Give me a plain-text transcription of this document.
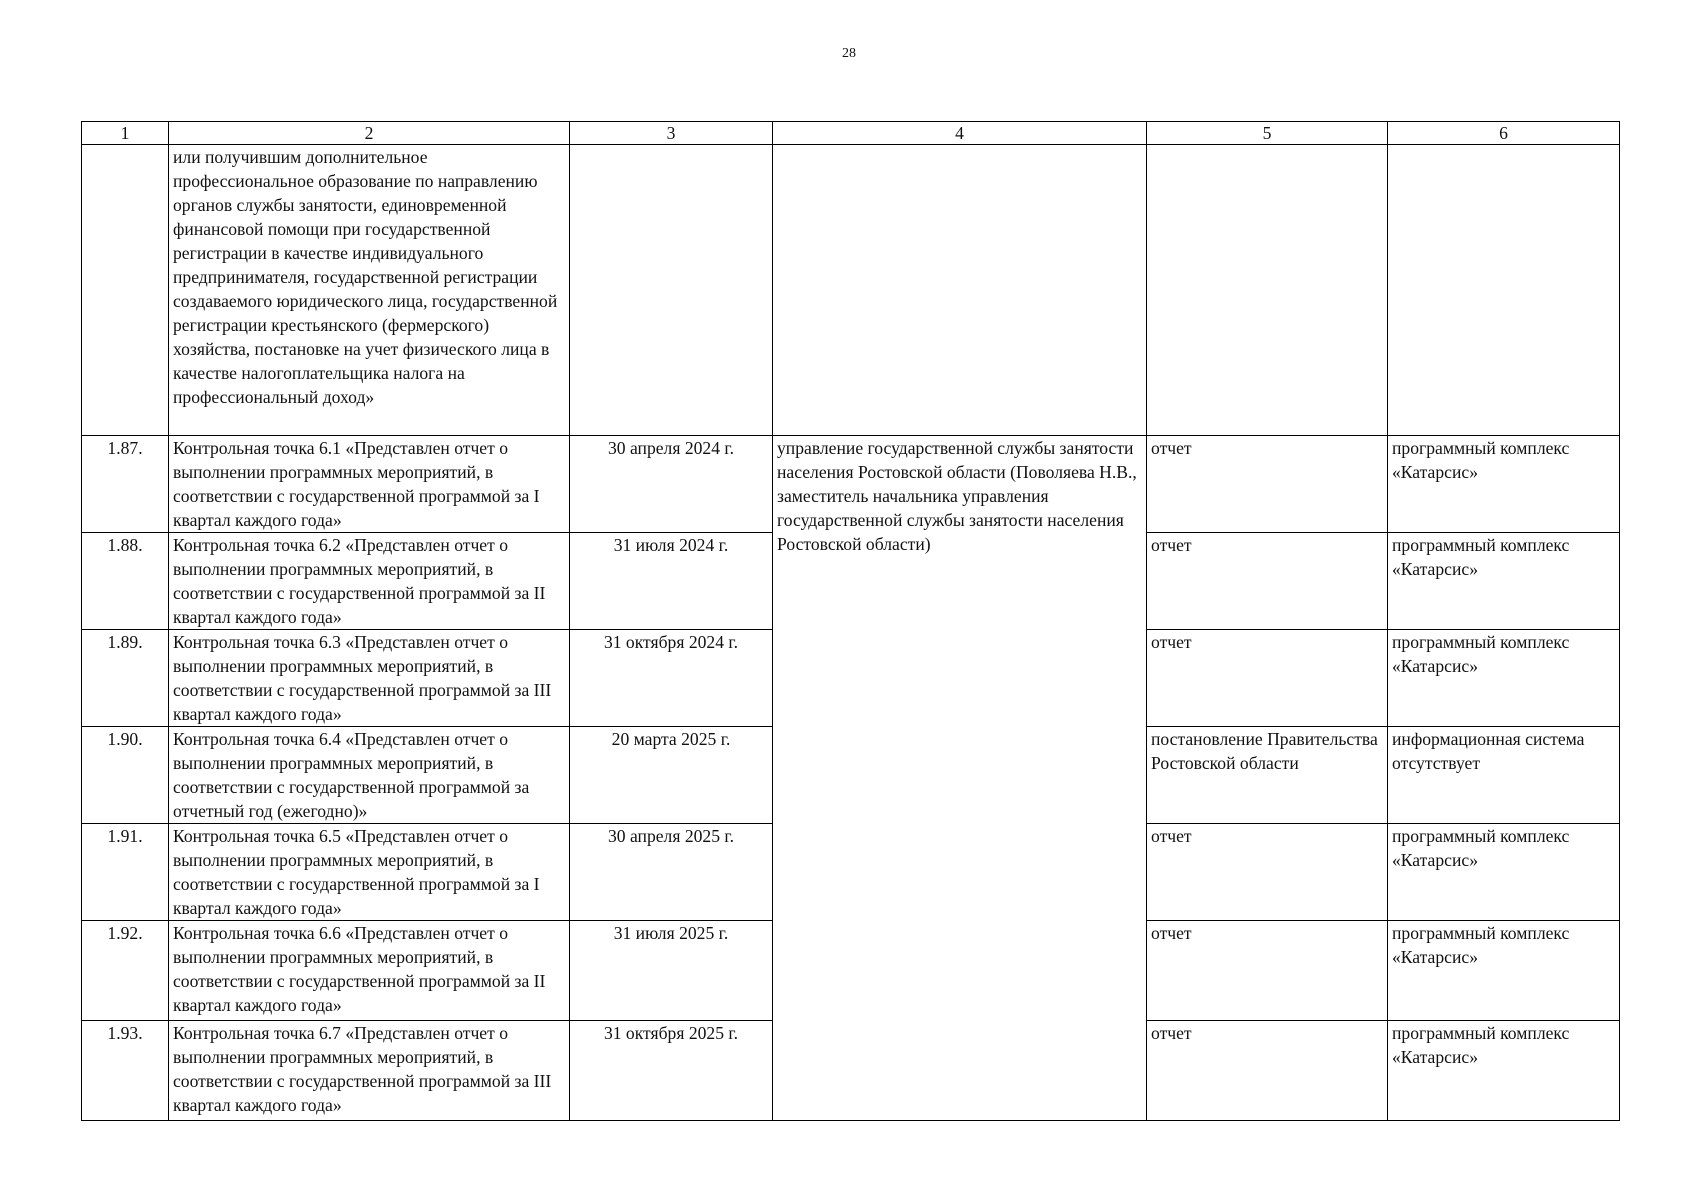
28
1	2	3	4	5	6
	или получившим дополнительное профессиональное образование по направлению органов службы занятости, единовременной финансовой помощи при государственной регистрации в качестве индивидуального предпринимателя, государственной регистрации создаваемого юридического лица, государственной регистрации крестьянского (фермерского) хозяйства, постановке на учет физического лица в качестве налогоплательщика налога на профессиональный доход»				
1.87.	Контрольная точка 6.1 «Представлен отчет о выполнении программных мероприятий, в соответствии с государственной программой за I квартал каждого года»	30 апреля 2024 г.	управление государственной службы занятости населения Ростовской области (Поволяева Н.В., заместитель начальника управления государственной службы занятости населения Ростовской области)	отчет	программный комплекс «Катарсис»
1.88.	Контрольная точка 6.2 «Представлен отчет о выполнении программных мероприятий, в соответствии с государственной программой за II квартал каждого года»	31 июля 2024 г.		отчет	программный комплекс «Катарсис»
1.89.	Контрольная точка 6.3 «Представлен отчет о выполнении программных мероприятий, в соответствии с государственной программой за III квартал каждого года»	31 октября 2024 г.		отчет	программный комплекс «Катарсис»
1.90.	Контрольная точка 6.4 «Представлен отчет о выполнении программных мероприятий, в соответствии с государственной программой за отчетный год (ежегодно)»	20 марта 2025 г.		постановление Правительства Ростовской области	информационная система отсутствует
1.91.	Контрольная точка 6.5 «Представлен отчет о выполнении программных мероприятий, в соответствии с государственной программой за I квартал каждого года»	30 апреля 2025 г.		отчет	программный комплекс «Катарсис»
1.92.	Контрольная точка 6.6 «Представлен отчет о выполнении программных мероприятий, в соответствии с государственной программой за II квартал каждого года»	31 июля 2025 г.		отчет	программный комплекс «Катарсис»
1.93.	Контрольная точка 6.7 «Представлен отчет о выполнении программных мероприятий, в соответствии с государственной программой за III квартал каждого года»	31 октября 2025 г.		отчет	программный комплекс «Катарсис»
